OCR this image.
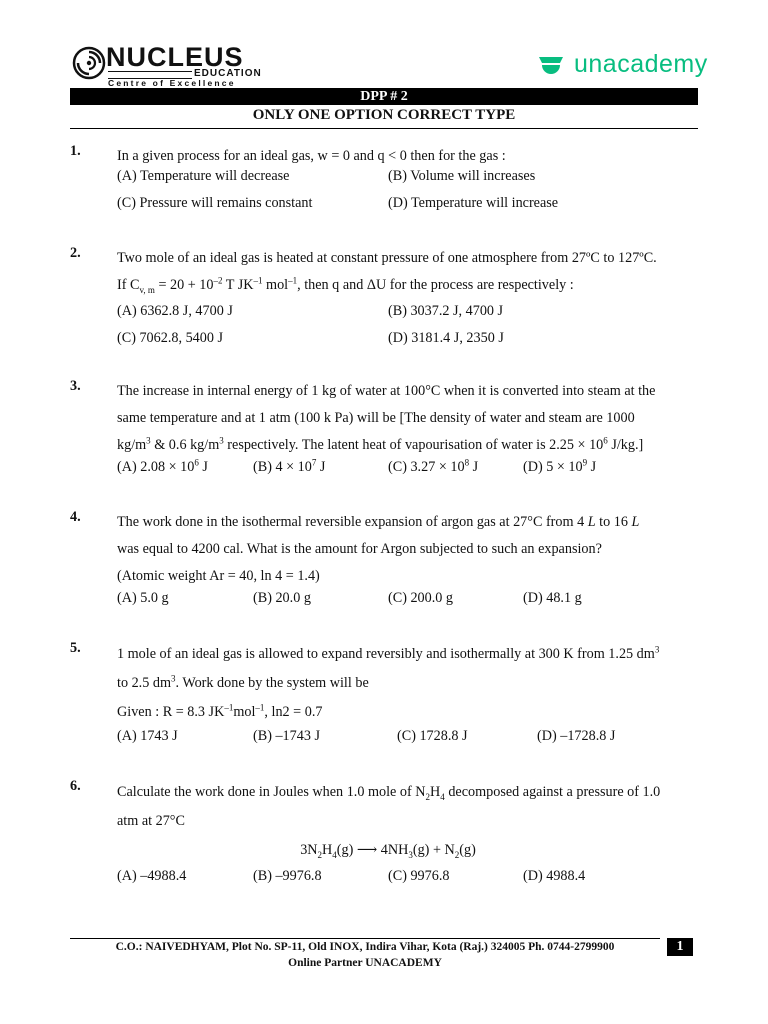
NUCLEUS
EDUCATION
Centre of Excellence
unacademy
DPP # 2
ONLY ONE OPTION CORRECT TYPE
1.	In a given process for an ideal gas, w = 0 and q < 0 then for the gas :
(A) Temperature will decrease	(B) Volume will increases
(C) Pressure will remains constant	(D) Temperature will increase
2.	Two mole of an ideal gas is heated at constant pressure of one atmosphere from 27ºC to 127ºC.
If $C_{v, m} = 20 + 10^{-2}$ T $JK^{-1}$ mol$^{-1}$, then q and ΔU for the process are respectively :
(A) 6362.8 J, 4700 J	(B) 3037.2 J, 4700 J
(C) 7062.8, 5400 J	(D) 3181.4 J, 2350 J
3.	The increase in internal energy of 1 kg of water at 100°C when it is converted into steam at the
same temperature and at 1 atm (100 k Pa) will be [The density of water and steam are 1000
$kg/m^3$ & 0.6 $kg/m^3$ respectively. The latent heat of vapourisation of water is $2.25 \times 10^6$ J/kg.]
(A) $2.08 \times 10^6$ J	(B) $4 \times 10^7$ J	(C) $3.27 \times 10^8$ J	(D) $5 \times 10^9$ J
4.	The work done in the isothermal reversible expansion of argon gas at 27°C from 4 L to 16 L
was equal to 4200 cal. What is the amount for Argon subjected to such an expansion?
(Atomic weight Ar = 40, ln 4 = 1.4)
(A) 5.0 g	(B) 20.0 g	(C) 200.0 g	(D) 48.1 g
5.	1 mole of an ideal gas is allowed to expand reversibly and isothermally at 300 K from 1.25 $dm^3$
to 2.5 $dm^3$. Work done by the system will be
Given : R = 8.3 $JK^{-1}mol^{-1}$, ln2 = 0.7
(A) 1743 J	(B) –1743 J	(C) 1728.8 J	(D) –1728.8 J
6.	Calculate the work done in Joules when 1.0 mole of $N_2H_4$ decomposed against a pressure of 1.0
atm at 27°C
$3N_2H_4(g)$ ⟶ $4NH_3(g) + N_2(g)$
(A) –4988.4	(B) –9976.8	(C) 9976.8	(D) 4988.4
C.O.: NAIVEDHYAM, Plot No. SP-11, Old INOX, Indira Vihar, Kota (Raj.) 324005 Ph. 0744-2799900
Online Partner UNACADEMY
1
